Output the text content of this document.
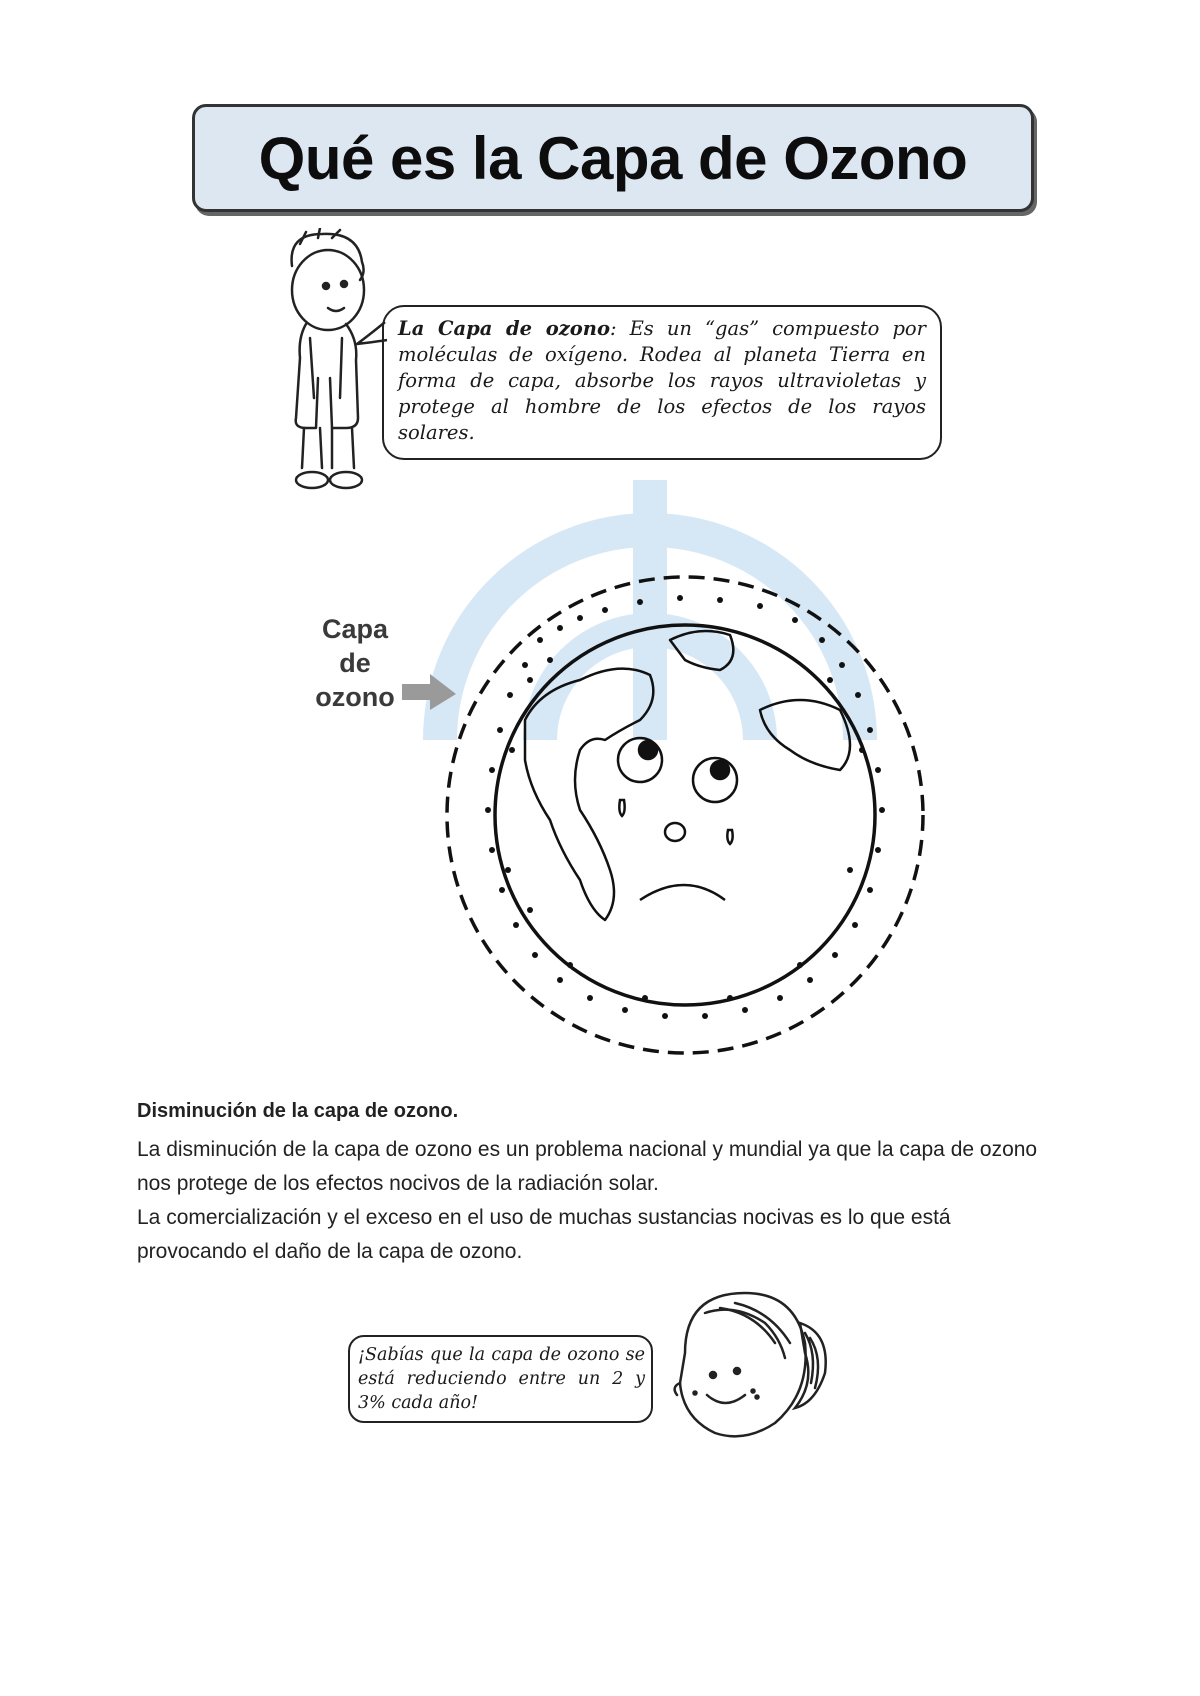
Qué es la Capa de Ozono
La Capa de ozono: Es un “gas” compuesto por moléculas de oxígeno. Rodea al planeta Tierra en forma de capa, absorbe los rayos ultravioletas y protege al hombre de los efectos de los rayos solares.
Capa
de
ozono
Disminución de la capa de ozono.

La disminución de la capa de ozono es un problema nacional y mundial ya que la capa de ozono nos protege de los efectos nocivos de la radiación solar.

La comercialización y el exceso en el uso de muchas sustancias nocivas es lo que está provocando el daño de la capa de ozono.

¡Sabías que la capa de ozono se está reduciendo entre un 2 y 3% cada año!
